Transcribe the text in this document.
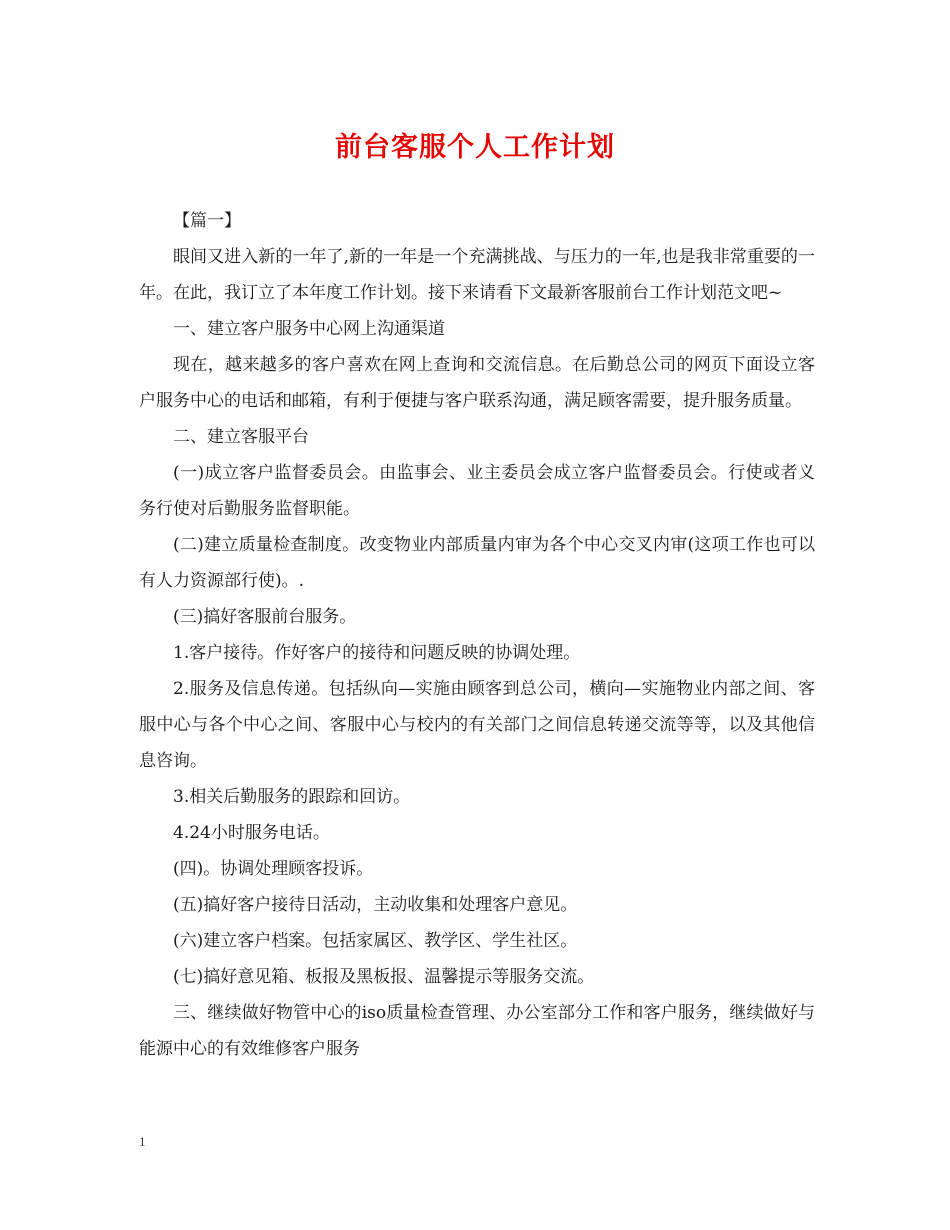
前台客服个人工作计划

【篇一】

眼间又进入新的一年了,新的一年是一个充满挑战、与压力的一年,也是我非常重要的一年。在此，我订立了本年度工作计划。接下来请看下文最新客服前台工作计划范文吧~

一、建立客户服务中心网上沟通渠道

现在，越来越多的客户喜欢在网上查询和交流信息。在后勤总公司的网页下面设立客户服务中心的电话和邮箱，有利于便捷与客户联系沟通，满足顾客需要，提升服务质量。

二、建立客服平台

(一)成立客户监督委员会。由监事会、业主委员会成立客户监督委员会。行使或者义务行使对后勤服务监督职能。

(二)建立质量检查制度。改变物业内部质量内审为各个中心交叉内审(这项工作也可以有人力资源部行使)。.

(三)搞好客服前台服务。

1.客户接待。作好客户的接待和问题反映的协调处理。

2.服务及信息传递。包括纵向—实施由顾客到总公司，横向—实施物业内部之间、客服中心与各个中心之间、客服中心与校内的有关部门之间信息转递交流等等，以及其他信息咨询。

3.相关后勤服务的跟踪和回访。

4.24小时服务电话。

(四)。协调处理顾客投诉。

(五)搞好客户接待日活动，主动收集和处理客户意见。

(六)建立客户档案。包括家属区、教学区、学生社区。

(七)搞好意见箱、板报及黑板报、温馨提示等服务交流。

三、继续做好物管中心的iso质量检查管理、办公室部分工作和客户服务，继续做好与能源中心的有效维修客户服务

1
